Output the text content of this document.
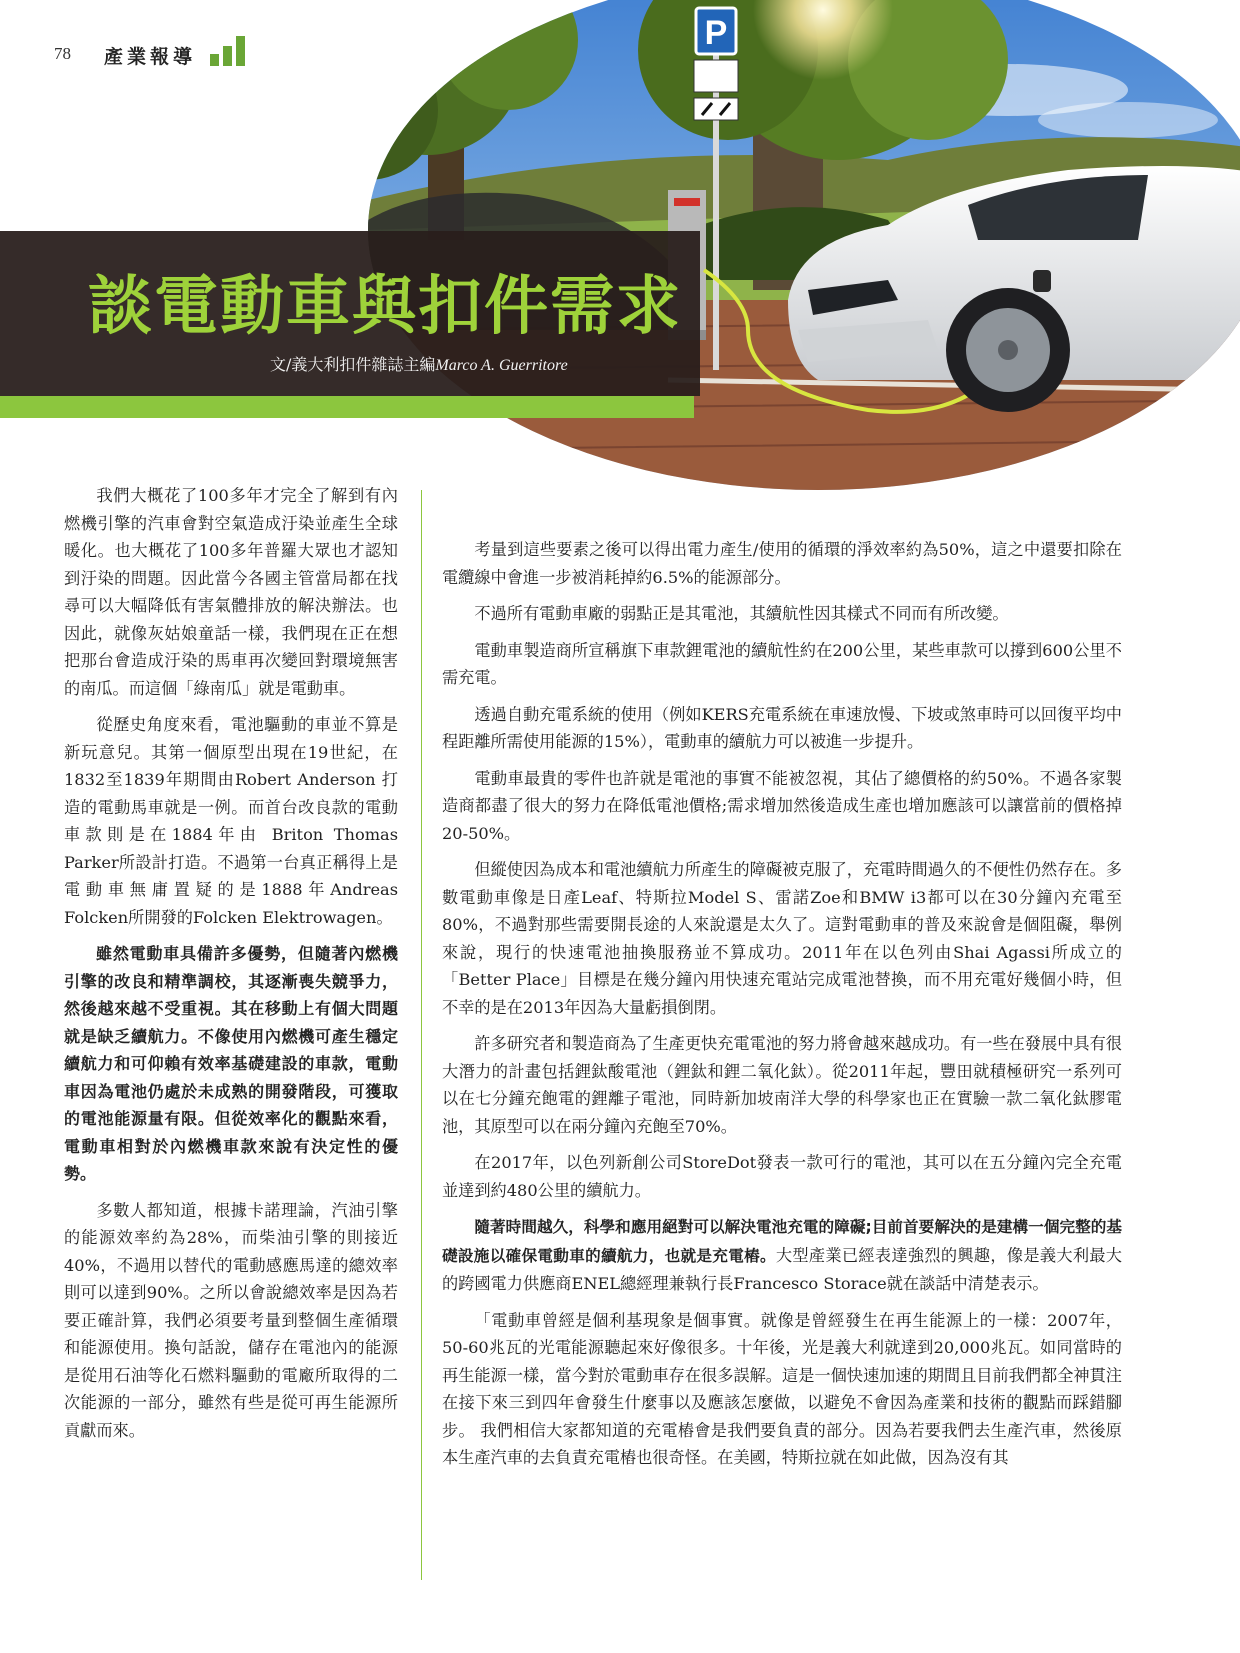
78 產業報導
P
談電動車與扣件需求
文/義大利扣件雜誌主編Marco A. Guerritore

我們大概花了100多年才完全了解到有內燃機引擎的汽車會對空氣造成汙染並產生全球暖化。也大概花了100多年普羅大眾也才認知到汙染的問題。因此當今各國主管當局都在找尋可以大幅降低有害氣體排放的解決辦法。也因此，就像灰姑娘童話一樣，我們現在正在想把那台會造成汙染的馬車再次變回對環境無害的南瓜。而這個「綠南瓜」就是電動車。

從歷史角度來看，電池驅動的車並不算是新玩意兒。其第一個原型出現在19世紀，在1832至1839年期間由Robert Anderson 打造的電動馬車就是一例。而首台改良款的電動車款則是在1884年由 Briton Thomas Parker所設計打造。不過第一台真正稱得上是電動車無庸置疑的是1888年Andreas Folcken所開發的Folcken Elektrowagen。

雖然電動車具備許多優勢，但隨著內燃機引擎的改良和精準調校，其逐漸喪失競爭力，然後越來越不受重視。其在移動上有個大問題就是缺乏續航力。不像使用內燃機可產生穩定續航力和可仰賴有效率基礎建設的車款，電動車因為電池仍處於未成熟的開發階段，可獲取的電池能源量有限。但從效率化的觀點來看，電動車相對於內燃機車款來說有決定性的優勢。

多數人都知道，根據卡諾理論，汽油引擎的能源效率約為28%，而柴油引擎的則接近40%，不過用以替代的電動感應馬達的總效率則可以達到90%。之所以會說總效率是因為若要正確計算，我們必須要考量到整個生產循環和能源使用。換句話說，儲存在電池內的能源是從用石油等化石燃料驅動的電廠所取得的二次能源的一部分，雖然有些是從可再生能源所貢獻而來。

考量到這些要素之後可以得出電力產生/使用的循環的淨效率約為50%，這之中還要扣除在電纜線中會進一步被消耗掉約6.5%的能源部分。

不過所有電動車廠的弱點正是其電池，其續航性因其樣式不同而有所改變。

電動車製造商所宣稱旗下車款鋰電池的續航性約在200公里，某些車款可以撐到600公里不需充電。

透過自動充電系統的使用（例如KERS充電系統在車速放慢、下坡或煞車時可以回復平均中程距離所需使用能源的15%），電動車的續航力可以被進一步提升。

電動車最貴的零件也許就是電池的事實不能被忽視，其佔了總價格的約50%。不過各家製造商都盡了很大的努力在降低電池價格;需求增加然後造成生產也增加應該可以讓當前的價格掉20-50%。

但縱使因為成本和電池續航力所產生的障礙被克服了，充電時間過久的不便性仍然存在。多數電動車像是日產Leaf、特斯拉Model S、雷諾Zoe和BMW i3都可以在30分鐘內充電至80%，不過對那些需要開長途的人來說還是太久了。這對電動車的普及來說會是個阻礙，舉例來說，現行的快速電池抽換服務並不算成功。2011年在以色列由Shai Agassi所成立的「Better Place」目標是在幾分鐘內用快速充電站完成電池替換，而不用充電好幾個小時，但不幸的是在2013年因為大量虧損倒閉。

許多研究者和製造商為了生產更快充電電池的努力將會越來越成功。有一些在發展中具有很大潛力的計畫包括鋰鈦酸電池（鋰鈦和鋰二氧化鈦）。從2011年起，豐田就積極研究一系列可以在七分鐘充飽電的鋰離子電池，同時新加坡南洋大學的科學家也正在實驗一款二氧化鈦膠電池，其原型可以在兩分鐘內充飽至70%。

在2017年，以色列新創公司StoreDot發表一款可行的電池，其可以在五分鐘內完全充電並達到約480公里的續航力。

隨著時間越久，科學和應用絕對可以解決電池充電的障礙;目前首要解決的是建構一個完整的基礎設施以確保電動車的續航力，也就是充電樁。大型產業已經表達強烈的興趣，像是義大利最大的跨國電力供應商ENEL總經理兼執行長Francesco Storace就在談話中清楚表示。

「電動車曾經是個利基現象是個事實。就像是曾經發生在再生能源上的一樣：2007年，50-60兆瓦的光電能源聽起來好像很多。十年後，光是義大利就達到20,000兆瓦。如同當時的再生能源一樣，當今對於電動車存在很多誤解。這是一個快速加速的期間且目前我們都全神貫注在接下來三到四年會發生什麼事以及應該怎麼做，以避免不會因為產業和技術的觀點而踩錯腳步。 我們相信大家都知道的充電樁會是我們要負責的部分。因為若要我們去生產汽車，然後原本生產汽車的去負責充電樁也很奇怪。在美國，特斯拉就在如此做，因為沒有其
